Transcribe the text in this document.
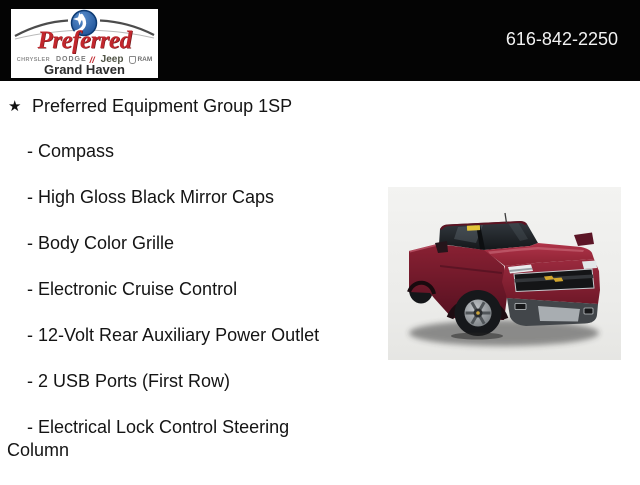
Preferred
CHRYSLER DODGE // Jeep RAM
Grand Haven
616-842-2250
★ Preferred Equipment Group 1SP
- Compass
- High Gloss Black Mirror Caps
- Body Color Grille
- Electronic Cruise Control
- 12-Volt Rear Auxiliary Power Outlet
- 2 USB Ports (First Row)
- Electrical Lock Control Steering Column
